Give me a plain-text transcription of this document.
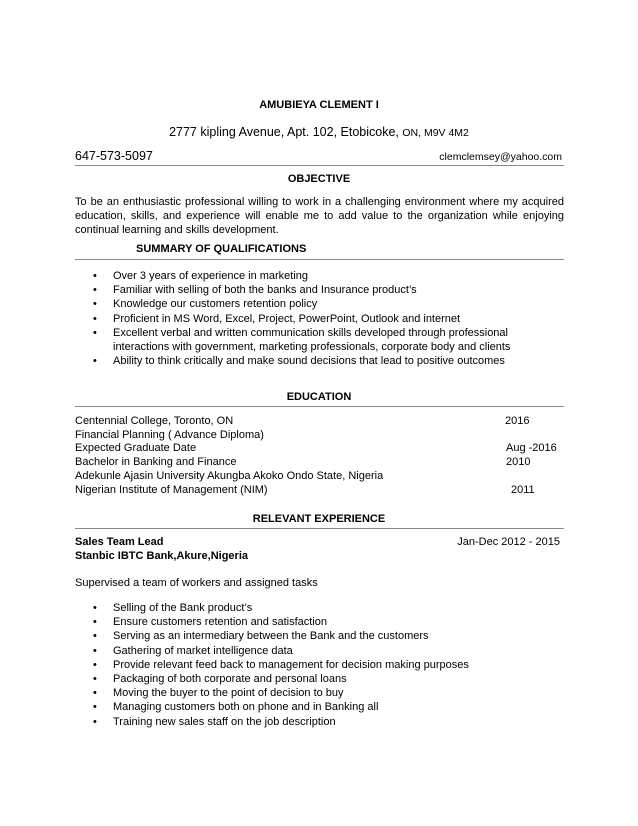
AMUBIEYA CLEMENT I
2777 kipling Avenue, Apt. 102, Etobicoke, ON, M9V 4M2
647-573-5097	clemclemsey@yahoo.com
OBJECTIVE
To be an enthusiastic professional willing to work in a challenging environment where my acquired education, skills, and experience will enable me to add value to the organization while enjoying continual learning and skills development.
SUMMARY OF QUALIFICATIONS
• Over 3 years of experience in marketing
• Familiar with selling of both the banks and Insurance product’s
• Knowledge our customers retention policy
• Proficient in MS Word, Excel, Project, PowerPoint, Outlook and internet
• Excellent verbal and written communication skills developed through professional interactions with government, marketing professionals, corporate body and clients
• Ability to think critically and make sound decisions that lead to positive outcomes
EDUCATION
Centennial College, Toronto, ON	2016
Financial Planning ( Advance Diploma)
Expected Graduate Date	Aug -2016
Bachelor in Banking and Finance	2010
Adekunle Ajasin University Akungba Akoko Ondo State, Nigeria
Nigerian Institute of Management (NIM)	2011
RELEVANT EXPERIENCE
Sales Team Lead	Jan-Dec 2012 - 2015
Stanbic IBTC Bank,Akure,Nigeria
Supervised a team of workers and assigned tasks
• Selling of the Bank product’s
• Ensure customers retention and satisfaction
• Serving as an intermediary between the Bank and the customers
• Gathering of market intelligence data
• Provide relevant feed back to management for decision making purposes
• Packaging of both corporate and personal loans
• Moving the buyer to the point of decision to buy
• Managing customers both on phone and in Banking all
• Training new sales staff on the job description
